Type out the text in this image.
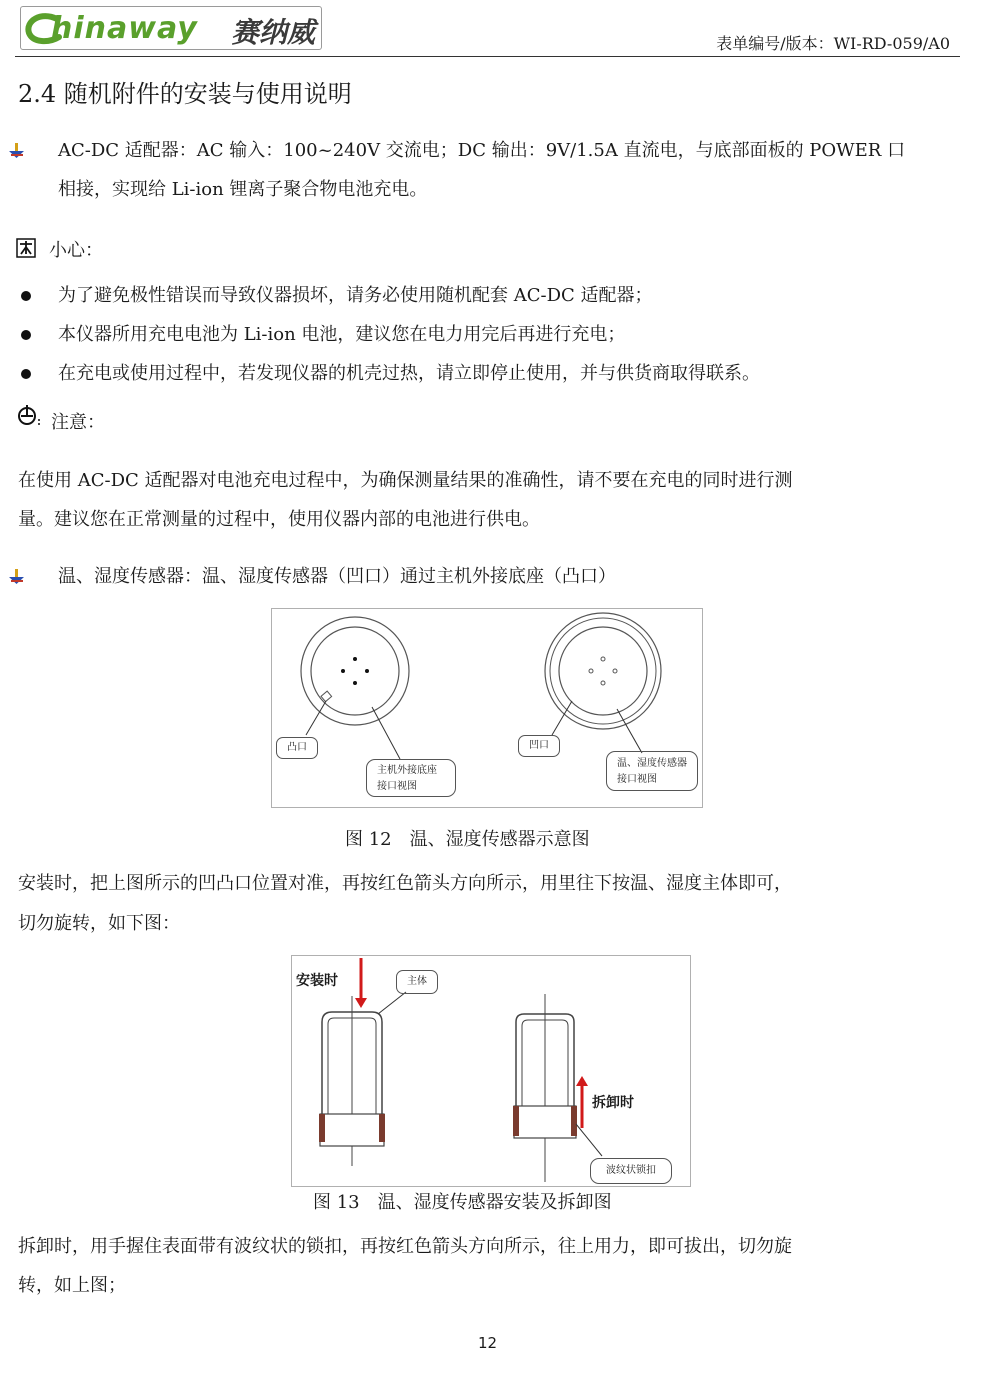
hinaway 赛纳威	表单编号/版本：WI-RD-059/A0
2.4 随机附件的安装与使用说明
AC-DC 适配器：AC 输入：100~240V 交流电；DC 输出：9V/1.5A 直流电，与底部面板的 POWER 口
相接，实现给 Li-ion 锂离子聚合物电池充电。
小心：
为了避免极性错误而导致仪器损坏，请务必使用随机配套 AC-DC 适配器；
本仪器所用充电电池为 Li-ion 电池，建议您在电力用完后再进行充电；
在充电或使用过程中，若发现仪器的机壳过热，请立即停止使用，并与供货商取得联系。
注意：
在使用 AC-DC 适配器对电池充电过程中，为确保测量结果的准确性，请不要在充电的同时进行测
量。建议您在正常测量的过程中，使用仪器内部的电池进行供电。
温、湿度传感器：温、湿度传感器（凹口）通过主机外接底座（凸口）
凸口
主机外接底座
接口视图
凹口
温、湿度传感器
接口视图
图 12　温、湿度传感器示意图
安装时，把上图所示的凹凸口位置对准，再按红色箭头方向所示，用里往下按温、湿度主体即可，
切勿旋转，如下图：
安装时	主体
拆卸时
波纹状锁扣
图 13　温、湿度传感器安装及拆卸图
拆卸时，用手握住表面带有波纹状的锁扣，再按红色箭头方向所示，往上用力，即可拔出，切勿旋
转，如上图；
12
